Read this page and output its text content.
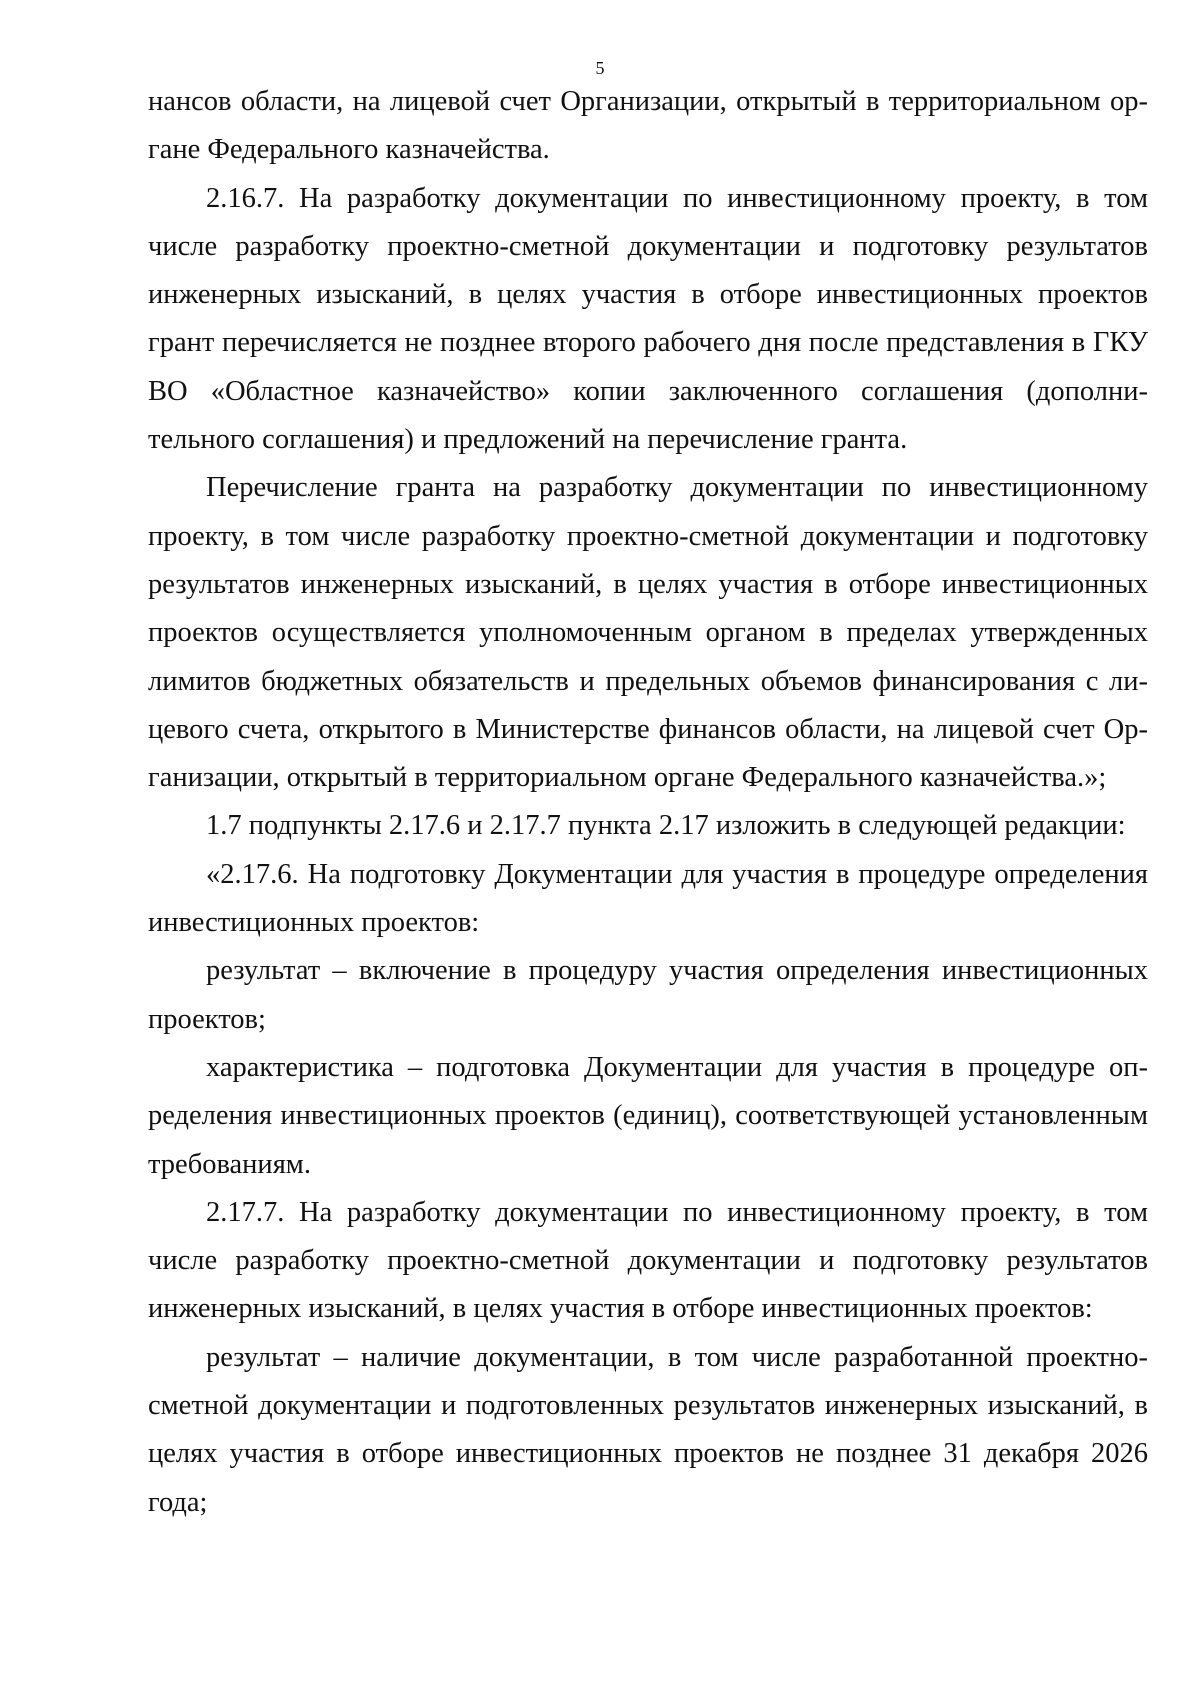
5

нансов области, на лицевой счет Организации, открытый в территориальном органе Федерального казначейства.

2.16.7. На разработку документации по инвестиционному проекту, в том числе разработку проектно-сметной документации и подготовку результатов инженерных изысканий, в целях участия в отборе инвестиционных проектов грант перечисляется не позднее второго рабочего дня после представления в ГКУ ВО «Областное казначейство» копии заключенного соглашения (дополнительного соглашения) и предложений на перечисление гранта.

Перечисление гранта на разработку документации по инвестиционному проекту, в том числе разработку проектно-сметной документации и подготовку результатов инженерных изысканий, в целях участия в отборе инвестиционных проектов осуществляется уполномоченным органом в пределах утвержденных лимитов бюджетных обязательств и предельных объемов финансирования с лицевого счета, открытого в Министерстве финансов области, на лицевой счет Организации, открытый в территориальном органе Федерального казначейства.»;

1.7 подпункты 2.17.6 и 2.17.7 пункта 2.17 изложить в следующей редакции:

«2.17.6. На подготовку Документации для участия в процедуре определения инвестиционных проектов:

результат – включение в процедуру участия определения инвестиционных проектов;

характеристика – подготовка Документации для участия в процедуре определения инвестиционных проектов (единиц), соответствующей установленным требованиям.

2.17.7. На разработку документации по инвестиционному проекту, в том числе разработку проектно-сметной документации и подготовку результатов инженерных изысканий, в целях участия в отборе инвестиционных проектов:

результат – наличие документации, в том числе разработанной проектно-сметной документации и подготовленных результатов инженерных изысканий, в целях участия в отборе инвестиционных проектов не позднее 31 декабря 2026 года;
